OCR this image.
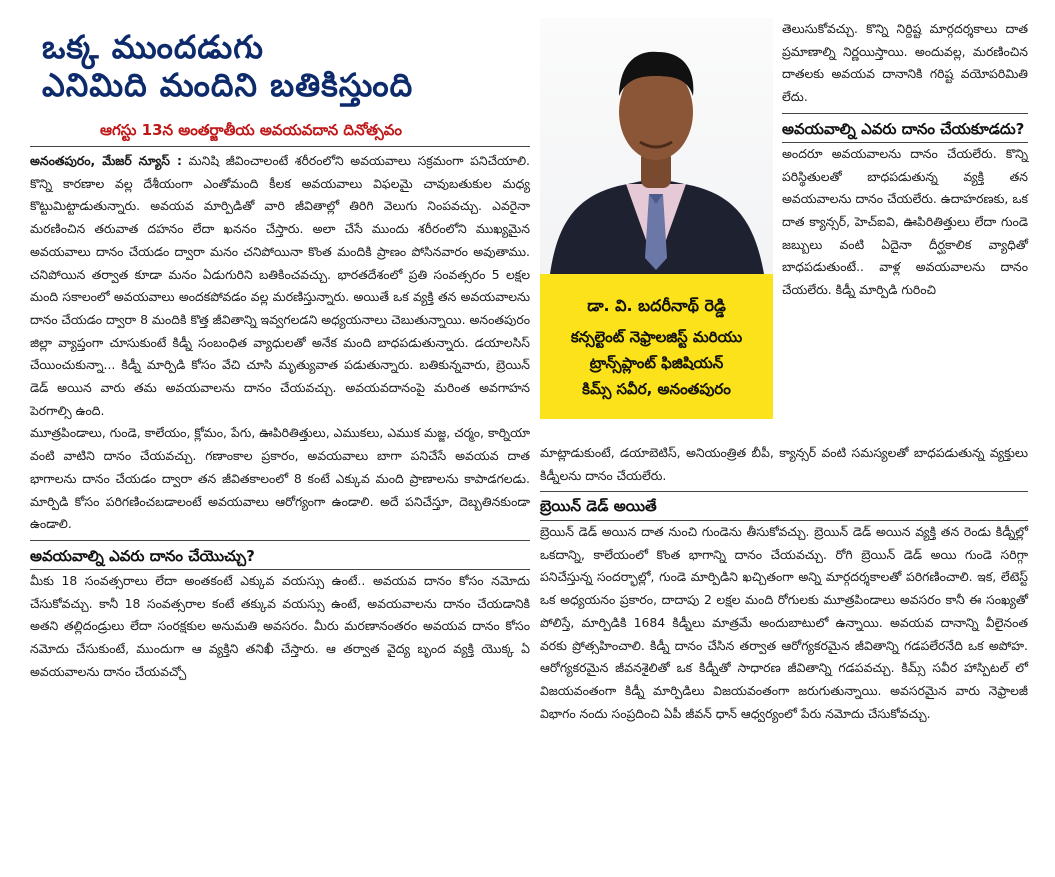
ఒక్క ముందడుగు

ఎనిమిది మందిని బతికిస్తుంది

ఆగస్టు 13న అంతర్జాతీయ అవయవదాన దినోత్సవం

అనంతపురం, మేజర్ న్యూస్ : మనిషి జీవించాలంటే శరీరంలోని అవయవాలు సక్రమంగా పనిచేయాలి. కొన్ని కారణాల వల్ల దేశీయంగా ఎంతోమంది కీలక అవయవాలు విఫలమై చావుబతుకుల మధ్య కొట్టుమిట్టాడుతున్నారు. అవయవ మార్పిడితో వారి జీవితాల్లో తిరిగి వెలుగు నింపవచ్చు. ఎవరైనా మరణించిన తరువాత దహనం లేదా ఖననం చేస్తారు. అలా చేసే ముందు శరీరంలోని ముఖ్యమైన అవయవాలు దానం చేయడం ద్వారా మనం చనిపోయినా కొంత మందికి ప్రాణం పోసినవారం అవుతాము. చనిపోయిన తర్వాత కూడా మనం ఏడుగురిని బతికించవచ్చు. భారతదేశంలో ప్రతి సంవత్సరం 5 లక్షల మంది సకాలంలో అవయవాలు అందకపోవడం వల్ల మరణిస్తున్నారు. అయితే ఒక వ్యక్తి తన అవయవాలను దానం చేయడం ద్వారా 8 మందికి కొత్త జీవితాన్ని ఇవ్వగలడని అధ్యయనాలు చెబుతున్నాయి. అనంతపురం జిల్లా వ్యాప్తంగా చూసుకుంటే కిడ్నీ సంబంధిత వ్యాధులతో అనేక మంది బాధపడుతున్నారు. డయాలసిస్ చేయించుకున్నా... కిడ్నీ మార్పిడి కోసం వేచి చూసి మృత్యువాత పడుతున్నారు. బతికున్నవారు, బ్రెయిన్ డెడ్ అయిన వారు తమ అవయవాలను దానం చేయవచ్చు. అవయవదానంపై మరింత అవగాహన పెరగాల్సి ఉంది.

మూత్రపిండాలు, గుండె, కాలేయం, క్లోమం, పేగు, ఊపిరితిత్తులు, ఎముకలు, ఎముక మజ్జ, చర్మం, కార్నియా వంటి వాటిని దానం చేయవచ్చు. గణాంకాల ప్రకారం, అవయవాలు బాగా పనిచేసే అవయవ దాత భాగాలను దానం చేయడం ద్వారా తన జీవితకాలంలో 8 కంటే ఎక్కువ మంది ప్రాణాలను కాపాడగలడు. మార్పిడి కోసం పరిగణించబడాలంటే అవయవాలు ఆరోగ్యంగా ఉండాలి. అదే పనిచేస్తూ, దెబ్బతినకుండా ఉండాలి.

అవయవాల్ని ఎవరు దానం చేయొచ్చు?

మీకు 18 సంవత్సరాలు లేదా అంతకంటే ఎక్కువ వయస్సు ఉంటే.. అవయవ దానం కోసం నమోదు చేసుకోవచ్చు. కానీ 18 సంవత్సరాల కంటే తక్కువ వయస్సు ఉంటే, అవయవాలను దానం చేయడానికి అతని తల్లిదండ్రులు లేదా సంరక్షకుల అనుమతి అవసరం. మీరు మరణానంతరం అవయవ దానం కోసం నమోదు చేసుకుంటే, ముందుగా ఆ వ్యక్తిని తనిఖీ చేస్తారు. ఆ తర్వాత వైద్య బృంద వ్యక్తి యొక్క ఏ అవయవాలను దానం చేయవచ్చో

డా. వి. బదరీనాథ్ రెడ్డి
కన్సల్టెంట్ నెఫ్రాలజిస్ట్ మరియు
ట్రాన్స్‌ప్లాంట్ ఫిజిషియన్
కిమ్స్ సవీర, అనంతపురం

తెలుసుకోవచ్చు. కొన్ని నిర్దిష్ట మార్గదర్శకాలు దాత ప్రమాణాల్ని నిర్ణయిస్తాయి. అందువల్ల, మరణించిన దాతలకు అవయవ దానానికి గరిష్ట వయోపరిమితి లేదు.

అవయవాల్ని ఎవరు దానం చేయకూడదు?

అందరూ అవయవాలను దానం చేయలేరు. కొన్ని పరిస్థితులతో బాధపడుతున్న వ్యక్తి తన అవయవాలను దానం చేయలేరు. ఉదాహరణకు, ఒక దాత క్యాన్సర్, హెచ్‌ఐవి, ఊపిరితిత్తులు లేదా గుండె జబ్బులు వంటి ఏదైనా దీర్ఘకాలిక వ్యాధితో బాధపడుతుంటే.. వాళ్ల అవయవాలను దానం చేయలేరు. కిడ్నీ మార్పిడి గురించి

మాట్లాడుకుంటే, డయాబెటిస్, అనియంత్రిత బీపీ, క్యాన్సర్ వంటి సమస్యలతో బాధపడుతున్న వ్యక్తులు కిడ్నీలను దానం చేయలేరు.

బ్రెయిన్ డెడ్ అయితే

బ్రెయిన్ డెడ్ అయిన దాత నుంచి గుండెను తీసుకోవచ్చు. బ్రెయిన్ డెడ్ అయిన వ్యక్తి తన రెండు కిడ్నీల్లో ఒకదాన్ని, కాలేయంలో కొంత భాగాన్ని దానం చేయవచ్చు. రోగి బ్రెయిన్ డెడ్ అయి గుండె సరిగ్గా పనిచేస్తున్న సందర్భాల్లో, గుండె మార్పిడిని ఖచ్చితంగా అన్ని మార్గదర్శకాలతో పరిగణించాలి. ఇక, లేటెస్ట్ ఒక అధ్యయనం ప్రకారం, దాదాపు 2 లక్షల మంది రోగులకు మూత్రపిండాలు అవసరం కానీ ఈ సంఖ్యతో పోలిస్తే, మార్పిడికి 1684 కిడ్నీలు మాత్రమే అందుబాటులో ఉన్నాయి. అవయవ దానాన్ని వీలైనంత వరకు ప్రోత్సహించాలి. కిడ్నీ దానం చేసిన తర్వాత ఆరోగ్యకరమైన జీవితాన్ని గడపలేరనేది ఒక అపోహ. ఆరోగ్యకరమైన జీవనశైలితో ఒక కిడ్నీతో సాధారణ జీవితాన్ని గడపవచ్చు. కిమ్స్ సవీర హాస్పిటల్ లో విజయవంతంగా కిడ్నీ మార్పిడిలు విజయవంతంగా జరుగుతున్నాయి. అవసరమైన వారు నెఫ్రాలజీ విభాగం నందు సంప్రదించి ఏపీ జీవన్ ధాన్ ఆధ్వర్యంలో పేరు నమోదు చేసుకోవచ్చు.
